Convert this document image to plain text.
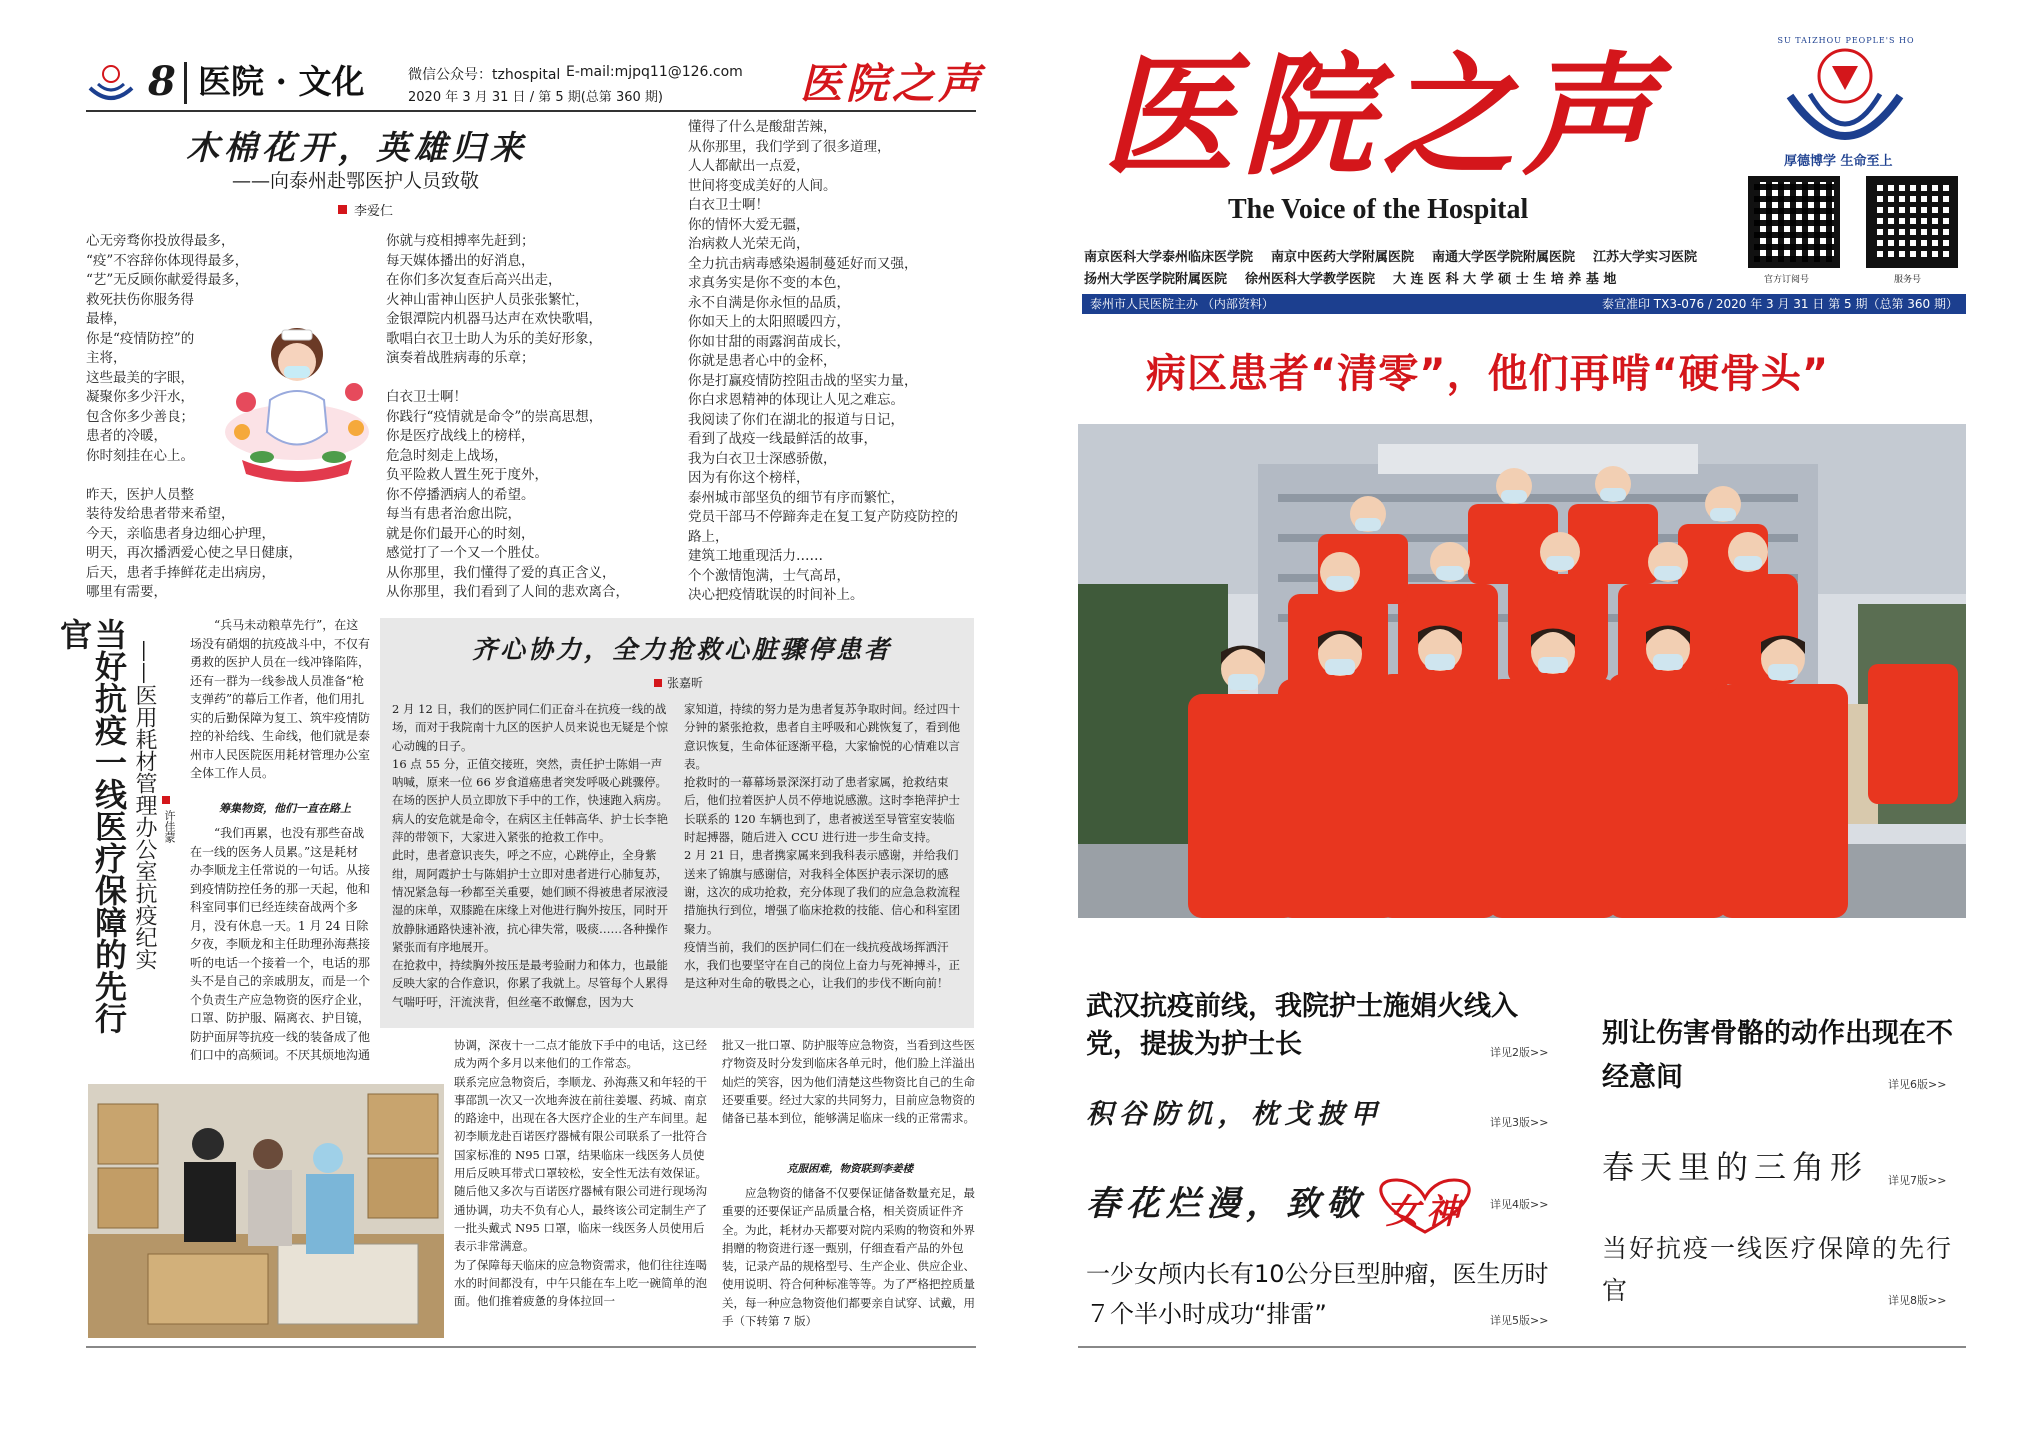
8 医院 · 文化	微信公众号：tzhospital E-mail:mjpq11@126.com
2020 年 3 月 31 日 / 第 5 期(总第 360 期)	医院之声
木棉花开，英雄归来
——向泰州赴鄂医护人员致敬
李爱仁
心无旁骛你投放得最多，
“疫”不容辞你体现得最多，
“艺”无反顾你献爱得最多，
救死扶伤你服务得
最棒，
你是“疫情防控”的
主将，
这些最美的字眼，
凝聚你多少汗水，
包含你多少善良；
患者的冷暖，
你时刻挂在心上。

昨天，医护人员整
装待发给患者带来希望，
今天，亲临患者身边细心护理，
明天，再次播洒爱心使之早日健康，
后天，患者手捧鲜花走出病房，
哪里有需要，
你就与疫相搏率先赶到；
每天媒体播出的好消息，
在你们多次复查后高兴出走，
火神山雷神山医护人员张张繁忙，
金银潭院内机器马达声在欢快歌唱，
歌唱白衣卫士助人为乐的美好形象，
演奏着战胜病毒的乐章；

白衣卫士啊！
你践行“疫情就是命令”的崇高思想，
你是医疗战线上的榜样，
危急时刻走上战场，
负平险救人置生死于度外，
你不停播洒病人的希望。
每当有患者治愈出院，
就是你们最开心的时刻，
感觉打了一个又一个胜仗。
从你那里，我们懂得了爱的真正含义，
从你那里，我们看到了人间的悲欢离合，
懂得了什么是酸甜苦辣，
从你那里，我们学到了很多道理，
人人都献出一点爱，
世间将变成美好的人间。
白衣卫士啊！
你的情怀大爱无疆，
治病救人光荣无尚，
全力抗击病毒感染遏制蔓延好而又强，
求真务实是你不变的本色，
永不自满是你永恒的品质，
你如天上的太阳照暖四方，
你如甘甜的雨露润苗成长，
你就是患者心中的金杯，
你是打赢疫情防控阻击战的坚实力量，
你白求恩精神的体现让人见之难忘。
我阅读了你们在湖北的报道与日记，
看到了战疫一线最鲜活的故事，
我为白衣卫士深感骄傲，
因为有你这个榜样，
泰州城市部坚负的细节有序而繁忙，
党员干部马不停蹄奔走在复工复产防疫防控的
路上，
建筑工地重现活力……
个个激情饱满，士气高昂，
决心把疫情耽误的时间补上。
当好抗疫一线医疗保障的先行官
——医用耗材管理办公室抗疫纪实 许佳蒙
“兵马未动粮草先行”，在这场没有硝烟的抗疫战斗中，不仅有勇救的医护人员在一线冲锋陷阵，还有一群为一线参战人员准备“枪支弹药”的幕后工作者，他们用扎实的后勤保障为复工、筑牢疫情防控的补给线、生命线，他们就是泰州市人民医院医用耗材管理办公室全体工作人员。
筹集物资，他们一直在路上
“我们再累，也没有那些奋战在一线的医务人员累。”这是耗材办李顺龙主任常说的一句话。从接到疫情防控任务的那一天起，他和科室同事们已经连续奋战两个多月，没有休息一天。1 月 24 日除夕夜，李顺龙和主任助理孙海燕接听的电话一个接着一个，电话的那头不是自己的亲戚朋友，而是一个个负责生产应急物资的医疗企业，口罩、防护服、隔离衣、护目镜，防护面屏等抗疫一线的装备成了他们口中的高频词。不厌其烦地沟通
齐心协力，全力抢救心脏骤停患者
张嘉昕
2 月 12 日，我们的医护同仁们正奋斗在抗疫一线的战场，而对于我院南十九区的医护人员来说也无疑是个惊心动魄的日子。
16 点 55 分，正值交接班，突然，责任护士陈娟一声呐喊，原来一位 66 岁食道癌患者突发呼吸心跳骤停。在场的医护人员立即放下手中的工作，快速跑入病房。病人的安危就是命令，在病区主任韩高华、护士长李艳萍的带领下，大家进入紧张的抢救工作中。
此时，患者意识丧失，呼之不应，心跳停止，全身紫绀，周阿霞护士与陈娟护士立即对患者进行心肺复苏，情况紧急每一秒都至关重要，她们顾不得被患者尿液浸湿的床单，双膝跪在床缘上对他进行胸外按压，同时开放静脉通路快速补液，抗心律失常，吸痰……各种操作紧张而有序地展开。
在抢救中，持续胸外按压是最考验耐力和体力，也最能反映大家的合作意识，你累了我就上。尽管每个人累得气喘吁吁，汗流浃背，但丝毫不敢懈怠，因为大
家知道，持续的努力是为患者复苏争取时间。经过四十分钟的紧张抢救，患者自主呼吸和心跳恢复了，看到他意识恢复，生命体征逐渐平稳，大家愉悦的心情难以言表。
抢救时的一幕幕场景深深打动了患者家属，抢救结束后，他们拉着医护人员不停地说感激。这时李艳萍护士长联系的 120 车辆也到了，患者被送至导管室安装临时起搏器，随后进入 CCU 进行进一步生命支持。
2 月 21 日，患者携家属来到我科表示感谢，并给我们送来了锦旗与感谢信，对我科全体医护表示深切的感谢，这次的成功抢救，充分体现了我们的应急急救流程措施执行到位，增强了临床抢救的技能、信心和科室团聚力。
疫情当前，我们的医护同仁们在一线抗疫战场挥洒汗水，我们也要坚守在自己的岗位上奋力与死神搏斗，正是这种对生命的敬畏之心，让我们的步伐不断向前！
协调，深夜十一二点才能放下手中的电话，这已经成为两个多月以来他们的工作常态。
联系完应急物资后，李顺龙、孙海燕又和年轻的干事邵凯一次又一次地奔波在前往姜堰、药城、南京的路途中，出现在各大医疗企业的生产车间里。起初李顺龙赴百诺医疗器械有限公司联系了一批符合国家标准的 N95 口罩，结果临床一线医务人员使用后反映耳带式口罩较松，安全性无法有效保证。随后他又多次与百诺医疗器械有限公司进行现场沟通协调，功夫不负有心人，最终该公司定制生产了一批头戴式 N95 口罩，临床一线医务人员使用后表示非常满意。
为了保障每天临床的应急物资需求，他们往往连喝水的时间都没有，中午只能在车上吃一碗简单的泡面。他们推着疲惫的身体拉回一
批又一批口罩、防护服等应急物资，当看到这些医疗物资及时分发到临床各单元时，他们脸上洋溢出灿烂的笑容，因为他们清楚这些物资比自己的生命还要重要。经过大家的共同努力，目前应急物资的储备已基本到位，能够满足临床一线的正常需求。
克服困难，物资联到李姜楼
应急物资的储备不仅要保证储备数量充足，最重要的还要保证产品质量合格，相关资质证件齐全。为此，耗材办天都要对院内采购的物资和外界捐赠的物资进行逐一甄别，仔细查看产品的外包装，记录产品的规格型号、生产企业、供应企业、使用说明、符合何种标准等等。为了严格把控质量关，每一种应急物资他们都要亲自试穿、试戴，用手（下转第 7 版）
医院之声
The Voice of the Hospital
SU TAIZHOU PEOPLE'S HO
厚德博学 生命至上
官方订阅号	服务号
南京医科大学泰州临床医学院 南京中医药大学附属医院 南通大学医学院附属医院 江苏大学实习医院
扬州大学医学院附属医院 徐州医科大学教学医院 大 连 医 科 大 学 硕 士 生 培 养 基 地
泰州市人民医院主办 （内部资料）	泰宣准印 TX3-076 / 2020 年 3 月 31 日 第 5 期（总第 360 期）
病区患者“清零”，他们再啃“硬骨头”
武汉抗疫前线，我院护士施娟火线入党，提拔为护士长	详见2版>>
积谷防饥，枕戈披甲	详见3版>>
春花烂漫，致敬 女神 详见4版>>
一少女颅内长有10公分巨型肿瘤，医生历时７个半小时成功“排雷”	详见5版>>
别让伤害骨骼的动作出现在不经意间	详见6版>>
春天里的三角形 详见7版>>
当好抗疫一线医疗保障的先行官	详见8版>>
